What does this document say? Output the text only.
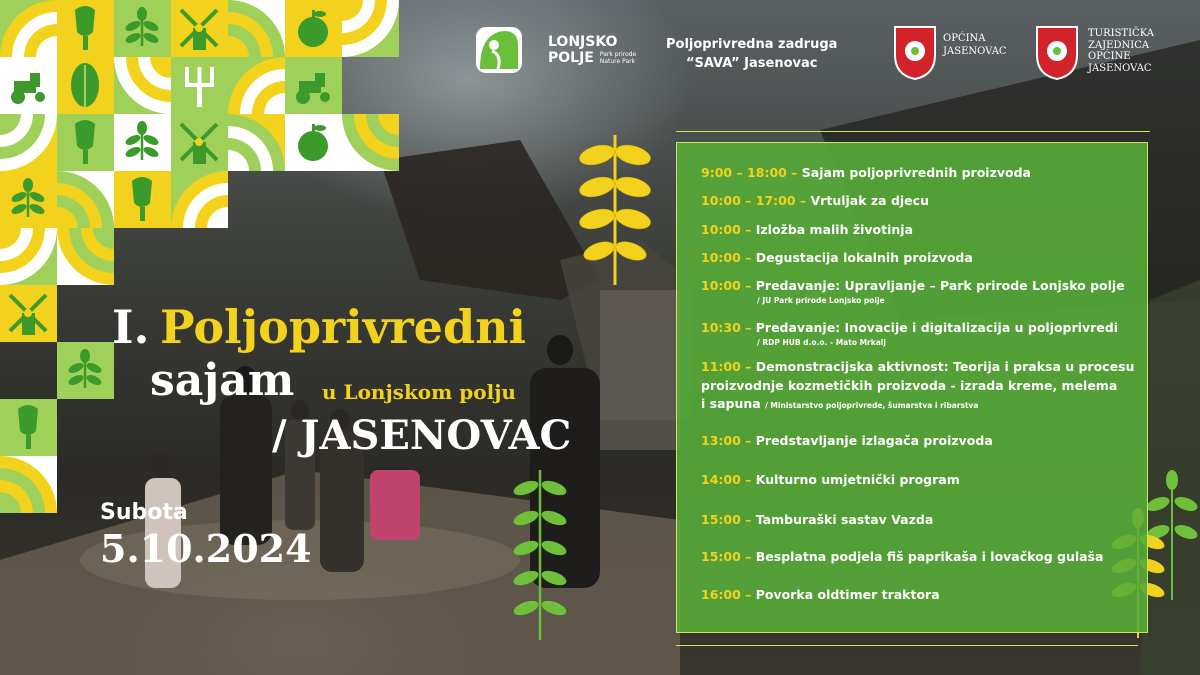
LONJSKO
POLJE Park prirode
Nature Park
Poljoprivredna zadruga
“SAVA” Jasenovac
OPĆINA
JASENOVAC
TURISTIČKA
ZAJEDNICA
OPĆINE
JASENOVAC
I. Poljoprivredni
sajam u Lonjskom polju
/ JASENOVAC
Subota
5.10.2024
9:00 – 18:00 – Sajam poljoprivrednih proizvoda
10:00 – 17:00 – Vrtuljak za djecu
10:00 – Izložba malih životinja
10:00 – Degustacija lokalnih proizvoda
10:00 – Predavanje: Upravljanje – Park prirode Lonjsko polje
/ JU Park prirode Lonjsko polje
10:30 – Predavanje: Inovacije i digitalizacija u poljoprivredi
/ RDP HUB d.o.o. - Mato Mrkalj
11:00 – Demonstracijska aktivnost: Teorija i praksa u procesu
proizvodnje kozmetičkih proizvoda - izrada kreme, melema
i sapuna / Ministarstvo poljoprivrede, šumarstva i ribarstva
13:00 – Predstavljanje izlagača proizvoda
14:00 – Kulturno umjetnički program
15:00 – Tamburaški sastav Vazda
15:00 – Besplatna podjela fiš paprikaša i lovačkog gulaša
16:00 – Povorka oldtimer traktora
